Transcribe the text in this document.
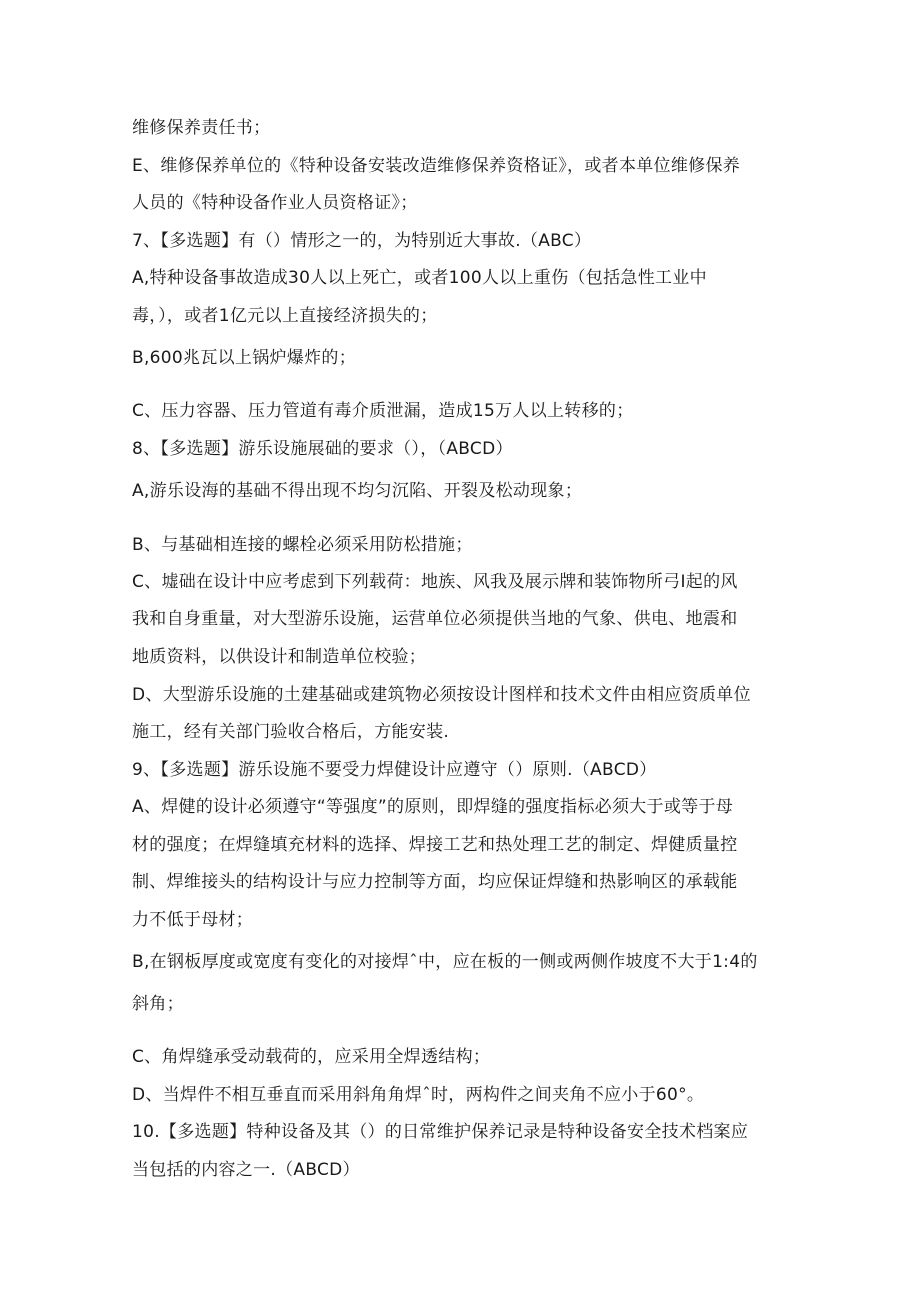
维修保养责任书；
E、维修保养单位的《特种设备安装改造维修保养资格证》，或者本单位维修保养
人员的《特种设备作业人员资格证》；
7、【多选题】有（）情形之一的，为特别近大事故.（ABC）
A,特种设备事故造成30人以上死亡，或者100人以上重伤（包括急性工业中
毒，），或者1亿元以上直接经济损失的；
B,600兆瓦以上锅炉爆炸的；
C、压力容器、压力管道有毒介质泄漏，造成15万人以上转移的；
8、【多选题】游乐设施展础的要求（），（ABCD）
A,游乐设海的基础不得出现不均匀沉陷、开裂及松动现象；
B、与基础相连接的螺栓必须采用防松措施；
C、墟础在设计中应考虑到下列载荷：地族、风我及展示牌和装饰物所弓I起的风
我和自身重量，对大型游乐设施，运营单位必须提供当地的气象、供电、地震和
地质资料，以供设计和制造单位校验；
D、大型游乐设施的土建基础或建筑物必须按设计图样和技术文件由相应资质单位
施工，经有关部门验收合格后，方能安装.
9、【多选题】游乐设施不要受力焊健设计应遵守（）原则.（ABCD）
A、焊健的设计必须遵守“等强度”的原则，即焊缝的强度指标必须大于或等于母
材的强度；在焊缝填充材料的选择、焊接工艺和热处理工艺的制定、焊健质量控
制、焊维接头的结构设计与应力控制等方面，均应保证焊缝和热影响区的承载能
力不低于母材；
B,在钢板厚度或宽度有变化的对接焊ˆ中，应在板的一侧或两侧作坡度不大于1:4的
斜角；
C、角焊缝承受动载荷的，应采用全焊透结构；
D、当焊件不相互垂直而采用斜角角焊ˆ时，两构件之间夹角不应小于60°。
10.【多选题】特种设备及其（）的日常维护保养记录是特种设备安全技术档案应
当包括的内容之一.（ABCD）
